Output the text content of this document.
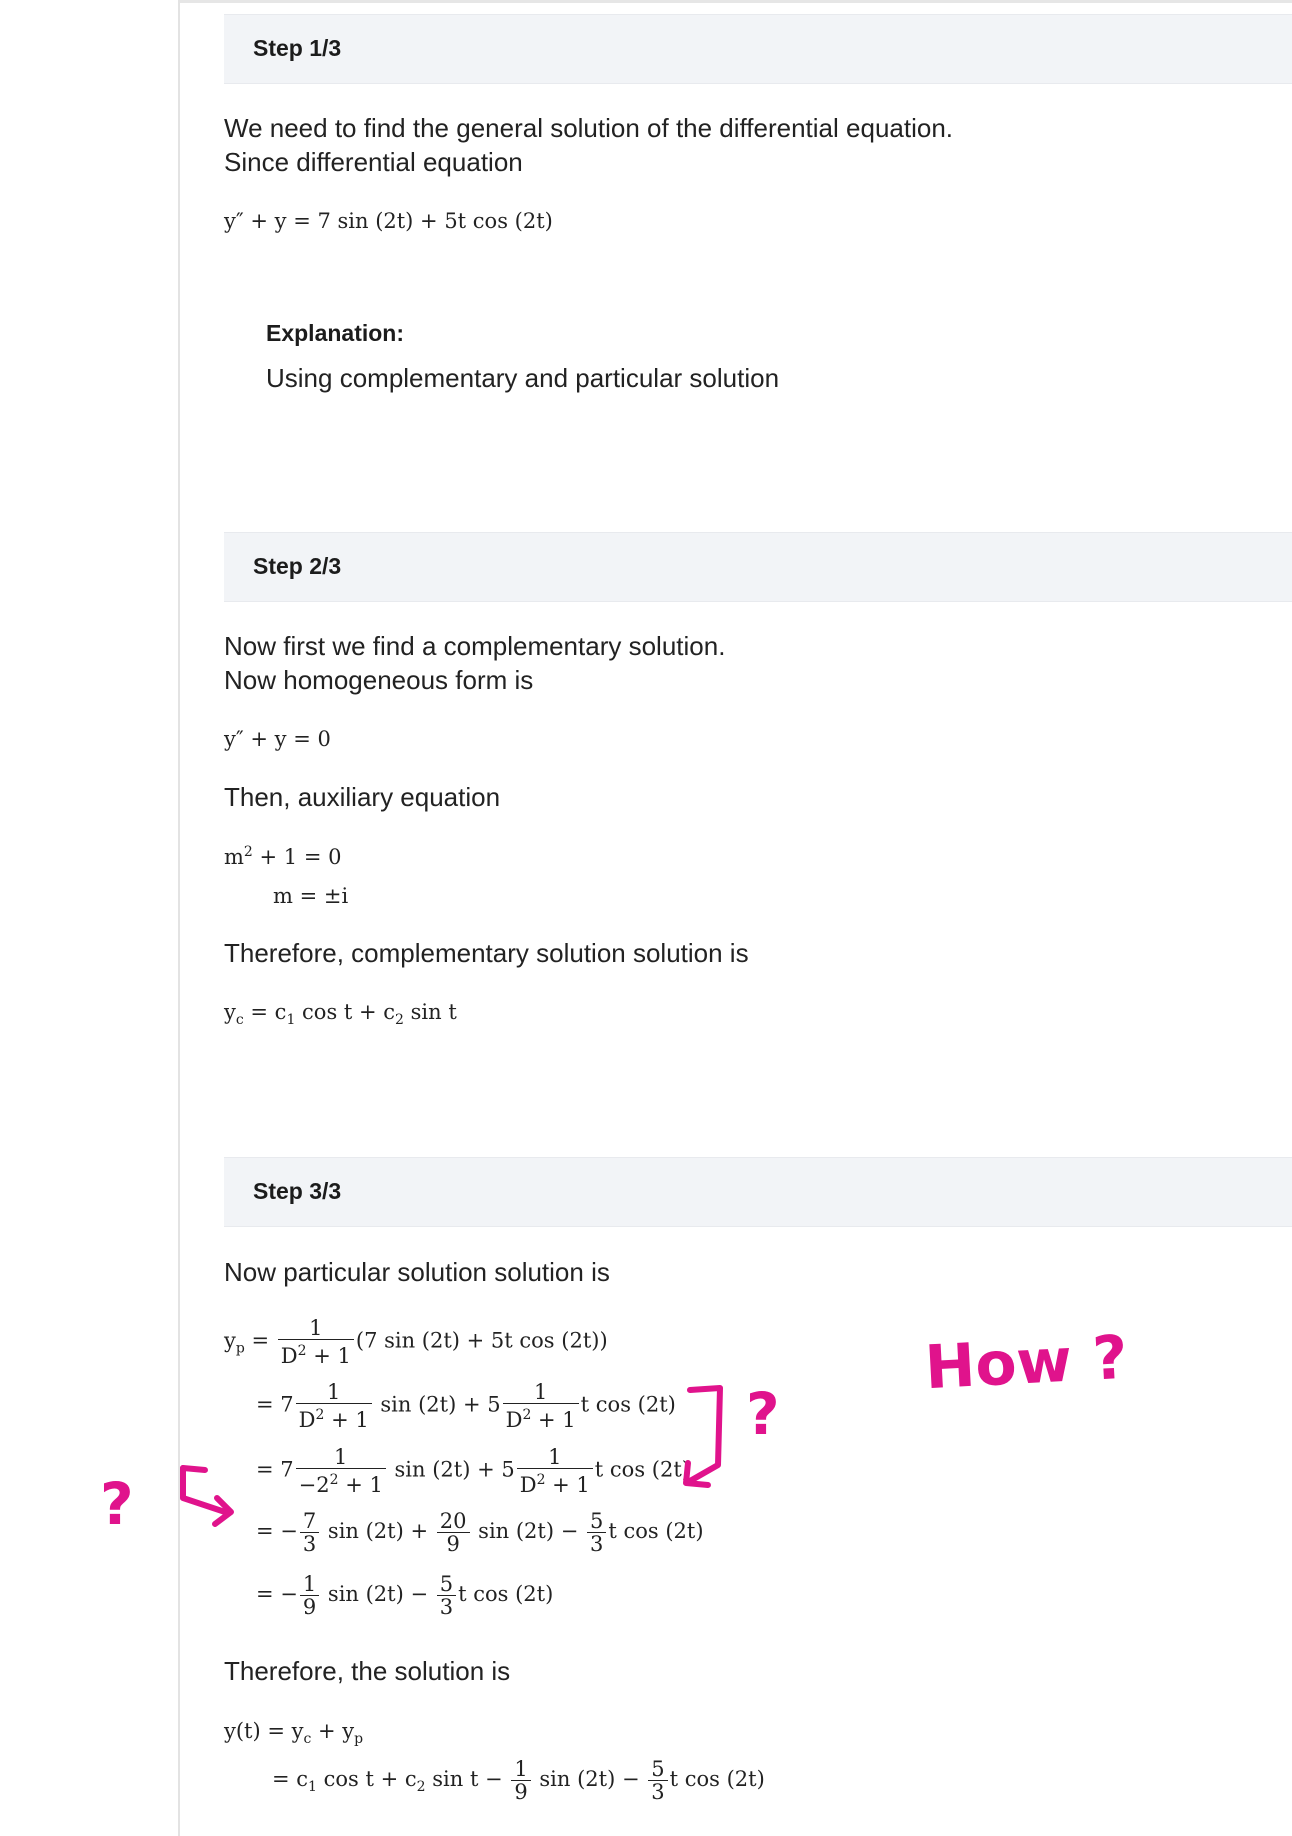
Step 1/3
We need to find the general solution of the differential equation.
Since differential equation
y″ + y = 7 sin (2t) + 5t cos (2t)
Explanation:
Using complementary and particular solution
Step 2/3
Now first we find a complementary solution.
Now homogeneous form is
y″ + y = 0
Then, auxiliary equation
$m^2 + 1 = 0$
m = ±i
Therefore, complementary solution solution is
$y_c = c_1$ $\cos t + c_2$ sin t
Step 3/3
Now particular solution solution is
$y_p = \frac{1}{D^2 + 1} (7$ sin (2t) + 5t cos (2t))
= $7 \frac{1}{D^2 + 1}$ $\sin (2t) + 5 \frac{1}{D^2 + 1}$ t cos (2t)
= $7 \frac{1}{-2^2 + 1}$ $\sin (2t) + 5 \frac{1}{D^2 + 1}$ t cos (2t)
= − $\frac{7}{3}$ $\sin (2t) + \frac{20}{9}$ $\sin (2t) - \frac{5}{3}$ t cos (2t)
= − $\frac{1}{9}$ $\sin (2t) - \frac{5}{3}$ t cos (2t)
Therefore, the solution is
$y(t) = y_c + y_p$
= $c_1$ $\cos t + c_2$ $\sin t - \frac{1}{9}$ $\sin (2t) - \frac{5}{3}$ t cos (2t)
How ?
?
?
